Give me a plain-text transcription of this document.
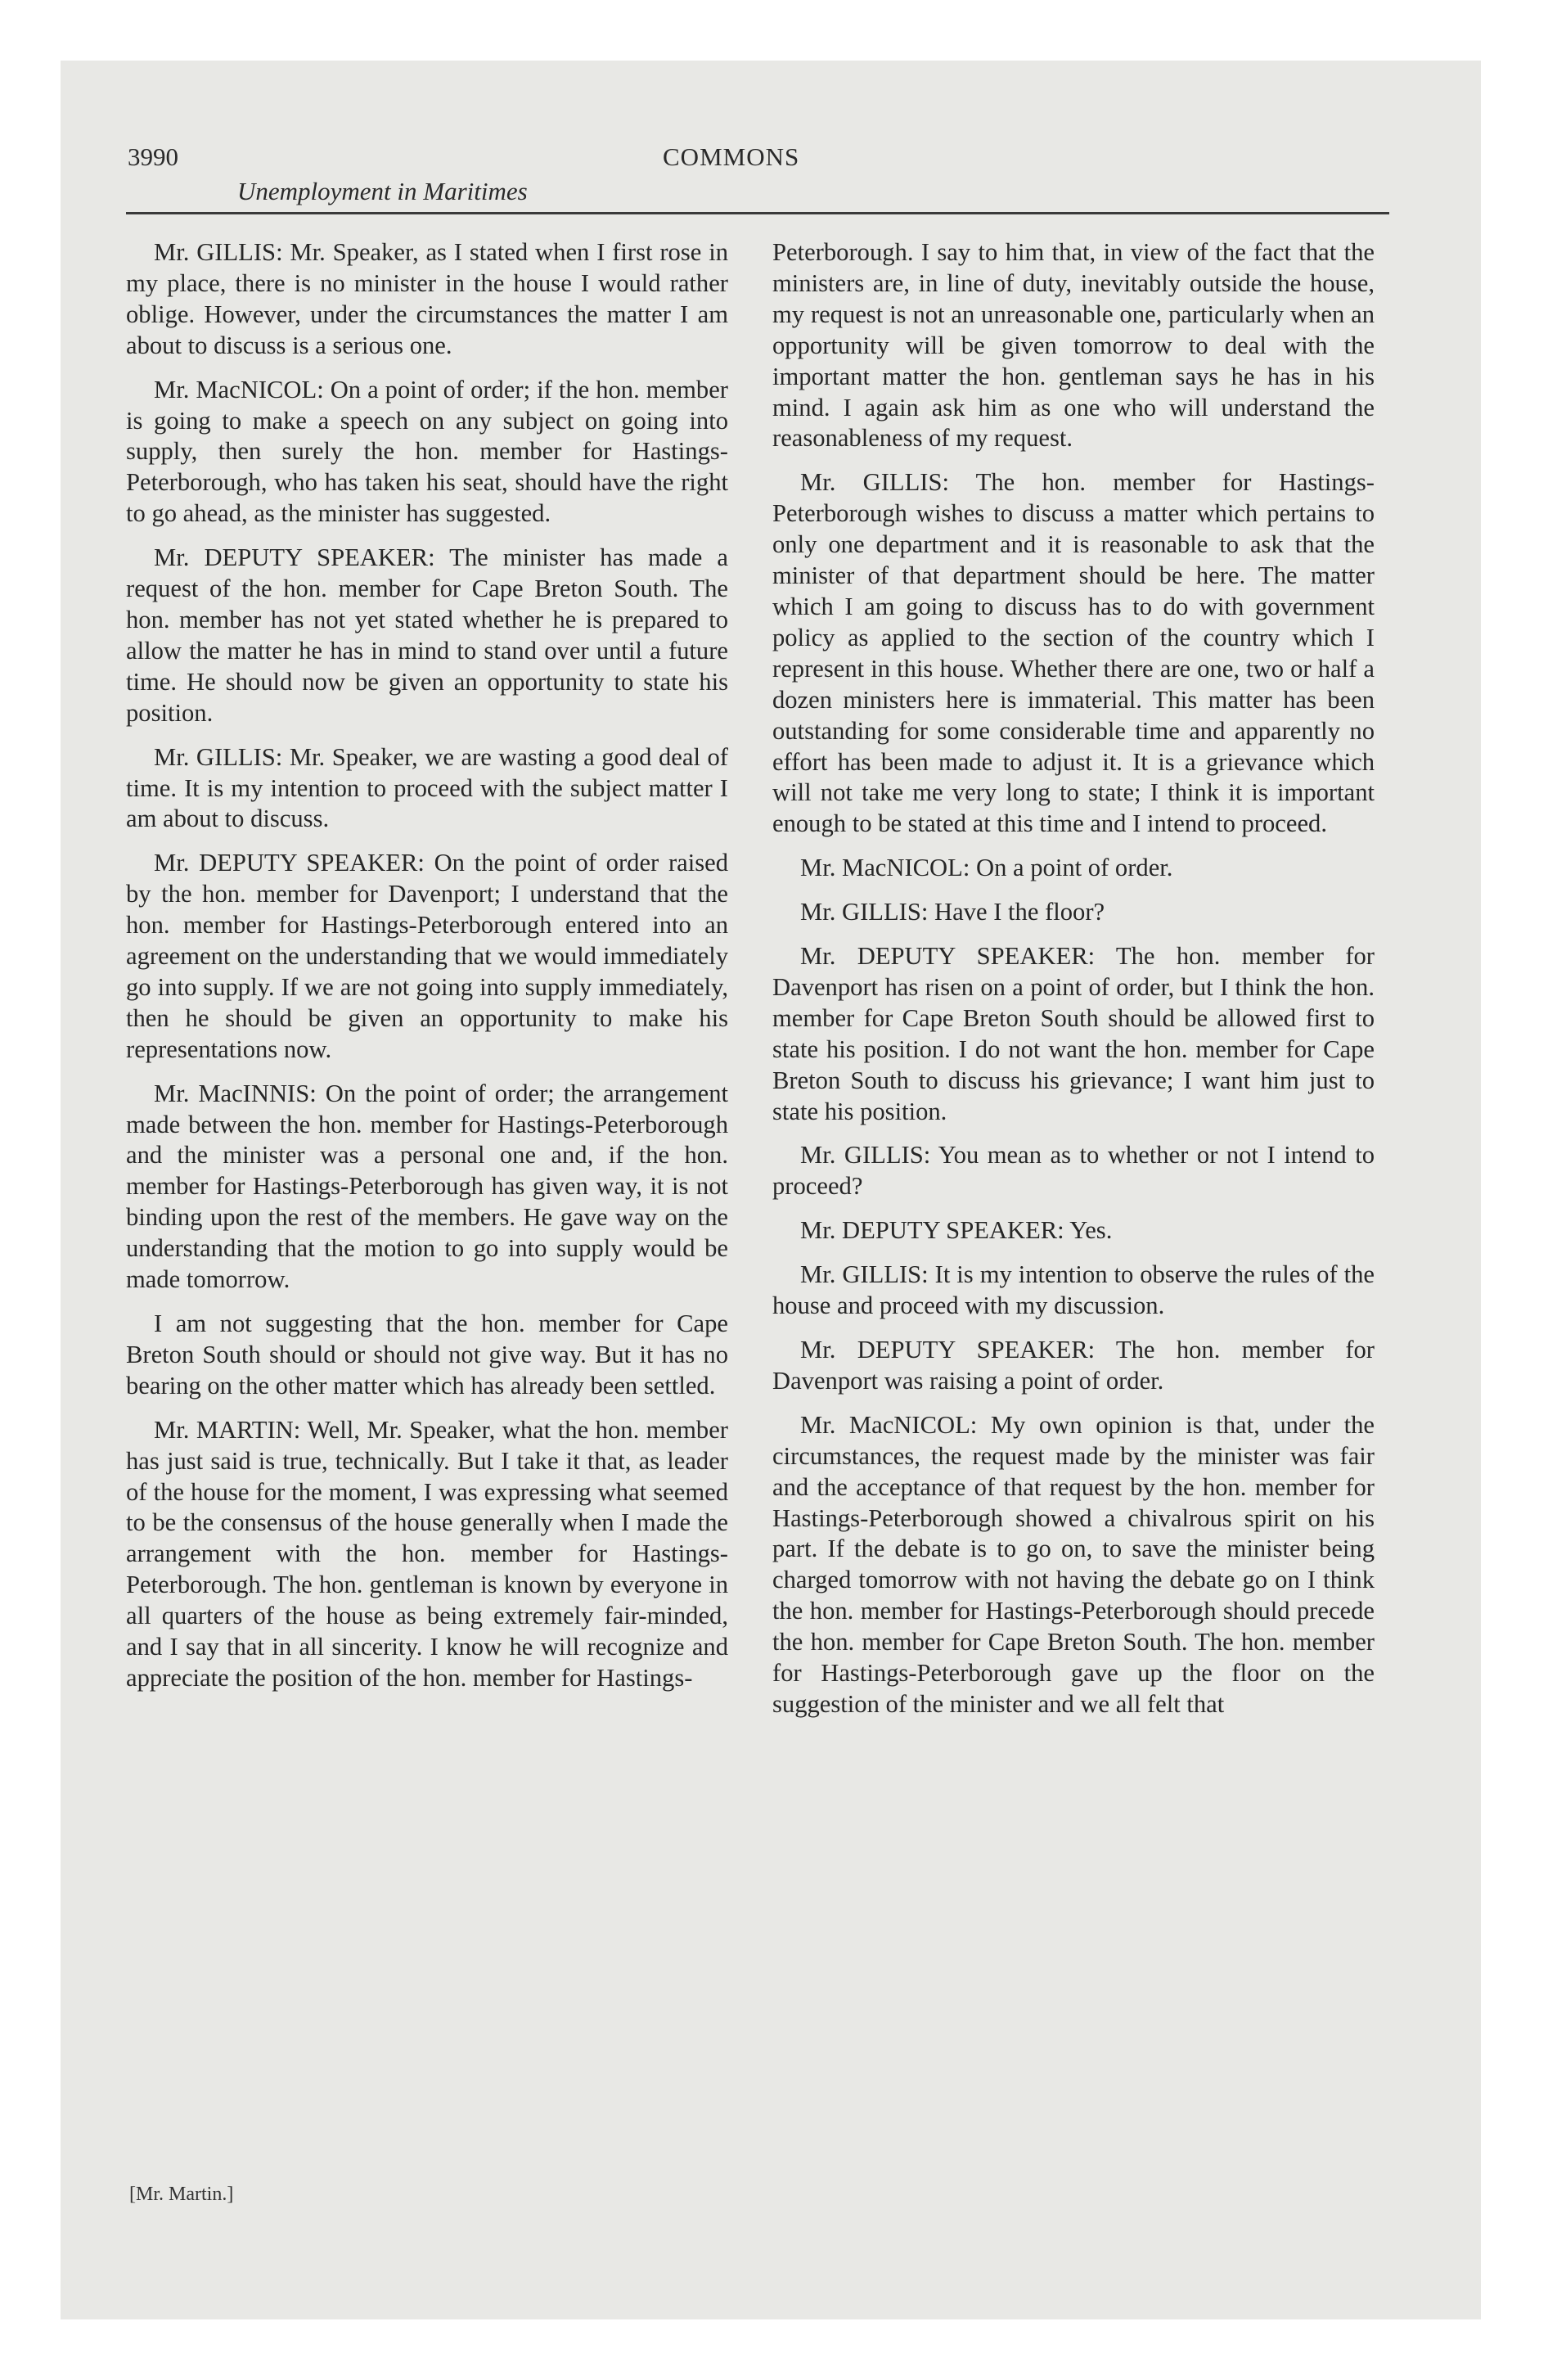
3990
Unemployment in Maritimes
COMMONS

Mr. GILLIS: Mr. Speaker, as I stated when I first rose in my place, there is no minister in the house I would rather oblige. However, under the circumstances the matter I am about to discuss is a serious one.

Mr. MacNICOL: On a point of order; if the hon. member is going to make a speech on any subject on going into supply, then surely the hon. member for Hastings-Peterborough, who has taken his seat, should have the right to go ahead, as the minister has suggested.

Mr. DEPUTY SPEAKER: The minister has made a request of the hon. member for Cape Breton South. The hon. member has not yet stated whether he is prepared to allow the matter he has in mind to stand over until a future time. He should now be given an opportunity to state his position.

Mr. GILLIS: Mr. Speaker, we are wasting a good deal of time. It is my intention to proceed with the subject matter I am about to discuss.

Mr. DEPUTY SPEAKER: On the point of order raised by the hon. member for Davenport; I understand that the hon. member for Hastings-Peterborough entered into an agreement on the understanding that we would immediately go into supply. If we are not going into supply immediately, then he should be given an opportunity to make his representations now.

Mr. MacINNIS: On the point of order; the arrangement made between the hon. member for Hastings-Peterborough and the minister was a personal one and, if the hon. member for Hastings-Peterborough has given way, it is not binding upon the rest of the members. He gave way on the understanding that the motion to go into supply would be made tomorrow.

I am not suggesting that the hon. member for Cape Breton South should or should not give way. But it has no bearing on the other matter which has already been settled.

Mr. MARTIN: Well, Mr. Speaker, what the hon. member has just said is true, technically. But I take it that, as leader of the house for the moment, I was expressing what seemed to be the consensus of the house generally when I made the arrangement with the hon. member for Hastings-Peterborough. The hon. gentleman is known by everyone in all quarters of the house as being extremely fair-minded, and I say that in all sincerity. I know he will recognize and appreciate the position of the hon. member for Hastings-

Peterborough. I say to him that, in view of the fact that the ministers are, in line of duty, inevitably outside the house, my request is not an unreasonable one, particularly when an opportunity will be given tomorrow to deal with the important matter the hon. gentleman says he has in his mind. I again ask him as one who will understand the reasonableness of my request.

Mr. GILLIS: The hon. member for Hastings-Peterborough wishes to discuss a matter which pertains to only one department and it is reasonable to ask that the minister of that department should be here. The matter which I am going to discuss has to do with government policy as applied to the section of the country which I represent in this house. Whether there are one, two or half a dozen ministers here is immaterial. This matter has been outstanding for some considerable time and apparently no effort has been made to adjust it. It is a grievance which will not take me very long to state; I think it is important enough to be stated at this time and I intend to proceed.

Mr. MacNICOL: On a point of order.

Mr. GILLIS: Have I the floor?

Mr. DEPUTY SPEAKER: The hon. member for Davenport has risen on a point of order, but I think the hon. member for Cape Breton South should be allowed first to state his position. I do not want the hon. member for Cape Breton South to discuss his grievance; I want him just to state his position.

Mr. GILLIS: You mean as to whether or not I intend to proceed?

Mr. DEPUTY SPEAKER: Yes.

Mr. GILLIS: It is my intention to observe the rules of the house and proceed with my discussion.

Mr. DEPUTY SPEAKER: The hon. member for Davenport was raising a point of order.

Mr. MacNICOL: My own opinion is that, under the circumstances, the request made by the minister was fair and the acceptance of that request by the hon. member for Hastings-Peterborough showed a chivalrous spirit on his part. If the debate is to go on, to save the minister being charged tomorrow with not having the debate go on I think the hon. member for Hastings-Peterborough should precede the hon. member for Cape Breton South. The hon. member for Hastings-Peterborough gave up the floor on the suggestion of the minister and we all felt that

[Mr. Martin.]
